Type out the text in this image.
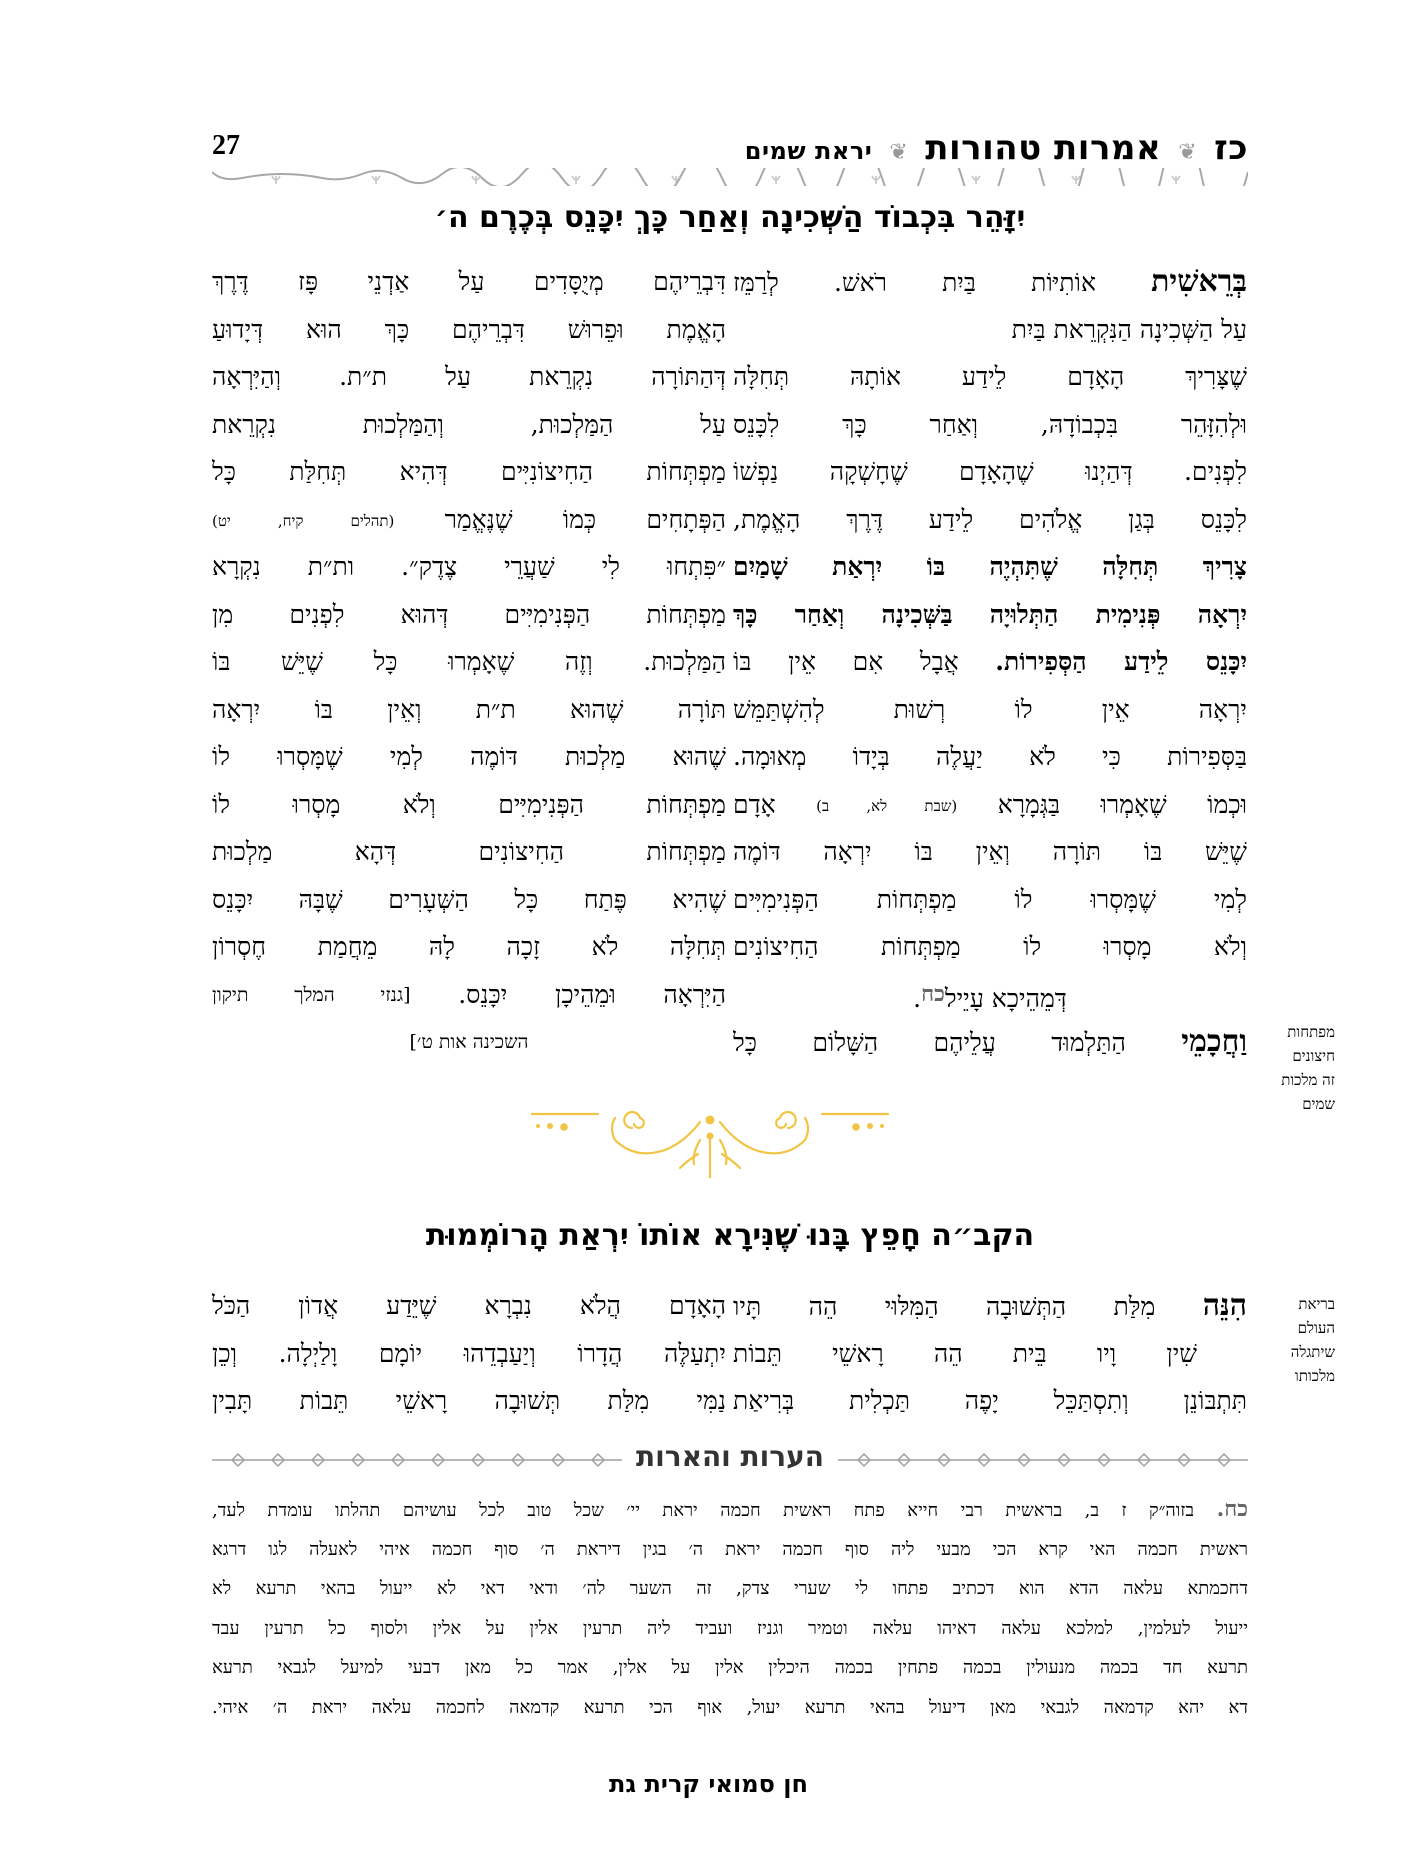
כז ❦ אמרות טהורות ❦ יראת שמים
27
יִזָּהֵר בִּכְבוֹד הַשְּׁכִינָה וְאַחַר כָּךְ יִכָּנֵס בְּכֶרֶם ה׳
בְּרֵאשִׁית אוֹתִיּוֹת בַּיִת רֹאשׁ. לְרַמֵּז
עַל הַשְּׁכִינָה הַנִּקְרֵאת בַּיִת
שֶׁצָּרִיךְ הָאָדָם לֵידַע אוֹתָהּ תְּחִלָּה
וּלְהִזָּהֵר בִּכְבוֹדָהּ, וְאַחַר כָּךְ לִכָּנֵס
לִפְנִים. דְּהַיְנוּ שֶׁהָאָדָם שֶׁחָשְׁקָה נַפְשׁוֹ
לִכָּנֵס בְּגַן אֱלֹהִים לֵידַע דֶּרֶךְ הָאֱמֶת,
צָרִיךְ תְּחִלָּה שֶׁתִּהְיֶה בּוֹ יִרְאַת שָׁמַיִם
יִרְאָה פְּנִימִית הַתְּלוּיָה בַּשְּׁכִינָה וְאַחַר כָּךְ
יִכָּנֵס לֵידַע הַסְּפִירוֹת. אֲבָל אִם אֵין בּוֹ
יִרְאָה אֵין לוֹ רְשׁוּת לְהִשְׁתַּמֵּשׁ
בַּסְּפִירוֹת כִּי לֹא יַעֲלֶה בְּיָדוֹ מְאוּמָה.
וּכְמוֹ שֶׁאָמְרוּ בַּגְּמָרָא (שבת לא, ב) אָדָם
שֶׁיֵּשׁ בּוֹ תּוֹרָה וְאֵין בּוֹ יִרְאָה דּוֹמֶה
לְמִי שֶׁמָּסְרוּ לוֹ מַפְתְּחוֹת הַפְּנִימִיִּים
וְלֹא מָסְרוּ לוֹ מַפְתְּחוֹת הַחִיצוֹנִים
דְּמֵהֵיכָא עָיֵילכח.
וַחֲכָמֵי הַתַּלְמוּד עֲלֵיהֶם הַשָּׁלוֹם כָּל
דִּבְרֵיהֶם מְיֻסָּדִים עַל אַדְנֵי פָּז דֶּרֶךְ
הָאֱמֶת וּפֵרוּשׁ דִּבְרֵיהֶם כָּךְ הוּא דְּיָדוּעַ
דְּהַתּוֹרָה נִקְרֵאת עַל ת״ת. וְהַיִּרְאָה
עַל הַמַּלְכוּת, וְהַמַּלְכוּת נִקְרֵאת
מַפְתְּחוֹת הַחִיצוֹנִיִּים דְּהִיא תְּחִלַּת כָּל
הַפְּתָחִים כְּמוֹ שֶׁנֶּאֱמַר (תהלים קיח, יט)
״פִּתְחוּ לִי שַׁעֲרֵי צֶדֶק״. ות״ת נִקְרָא
מַפְתְּחוֹת הַפְּנִימִיִּים דְּהוּא לִפְנִים מִן
הַמַּלְכוּת. וְזֶה שֶׁאָמְרוּ כָּל שֶׁיֵּשׁ בּוֹ
תּוֹרָה שֶׁהוּא ת״ת וְאֵין בּוֹ יִרְאָה
שֶׁהוּא מַלְכוּת דּוֹמֶה לְמִי שֶׁמָּסְרוּ לוֹ
מַפְתְּחוֹת הַפְּנִימִיִּים וְלֹא מָסְרוּ לוֹ
מַפְתְּחוֹת הַחִיצוֹנִים דְּהָא מַלְכוּת
שֶׁהִיא פֶּתַח כָּל הַשְּׁעָרִים שֶׁבָּהּ יִכָּנֵס
תְּחִלָּה לֹא זָכָה לָהּ מֵחֲמַת חֶסְרוֹן
הַיִּרְאָה וּמֵהֵיכָן יִכָּנֵס. [גנזי המלך תיקון
השכינה אות ט׳]	מפתחות
חיצונים
זה מלכות
שמים
הקב״ה חָפֵץ בָּנוּ שֶׁנִּירָא אוֹתוֹ יִרְאַת הָרוֹמְמוּת
הִנֵּה מִלַּת הַתְּשׁוּבָה הַמִּלּוּי הֵה תָּיו
שִׁין וָיו בֵּית הֵה רָאשֵׁי תֵּבוֹת
תִּתְבּוֹנֵן וְתִסְתַּכֵּל יָפֶה תַּכְלִית בְּרִיאַת
הָאָדָם הֲלֹא נִבְרָא שֶׁיֵּדַע אֲדוֹן הַכֹּל
יִתְעַלֶּה הֲדָרוֹ וְיַעַבְדֵהוּ יוֹמָם וָלַיְלָה. וְכֵן
נַמִּי מִלַּת תְּשׁוּבָה רָאשֵׁי תֵּבוֹת תָּבִין
בריאת
העולם
שיתגלה
מלכותו
הערות והארות
כח. בזוה״ק ז ב, בראשית רבי חייא פתח ראשית חכמה יראת יי׳ שכל טוב לכל עושיהם תהלתו עומדת לעד,
ראשית חכמה האי קרא הכי מבעי ליה סוף חכמה יראת ה׳ בגין דיראת ה׳ סוף חכמה איהי לאעלה לגו דרגא
דחכמתא עלאה הדא הוא דכתיב פתחו לי שערי צדק, זה השער לה׳ ודאי דאי לא ייעול בהאי תרעא לא
ייעול לעלמין, למלכא עלאה דאיהו עלאה וטמיר וגניז ועביד ליה תרעין אלין על אלין ולסוף כל תרעין עבד
תרעא חד בכמה מנעולין בכמה פתחין בכמה היכלין אלין על אלין, אמר כל מאן דבעי למיעל לגבאי תרעא
דא יהא קדמאה לגבאי מאן דיעול בהאי תרעא יעול, אוף הכי תרעא קדמאה לחכמה עלאה יראת ה׳ איהי.
חן סמואי קרית גת
